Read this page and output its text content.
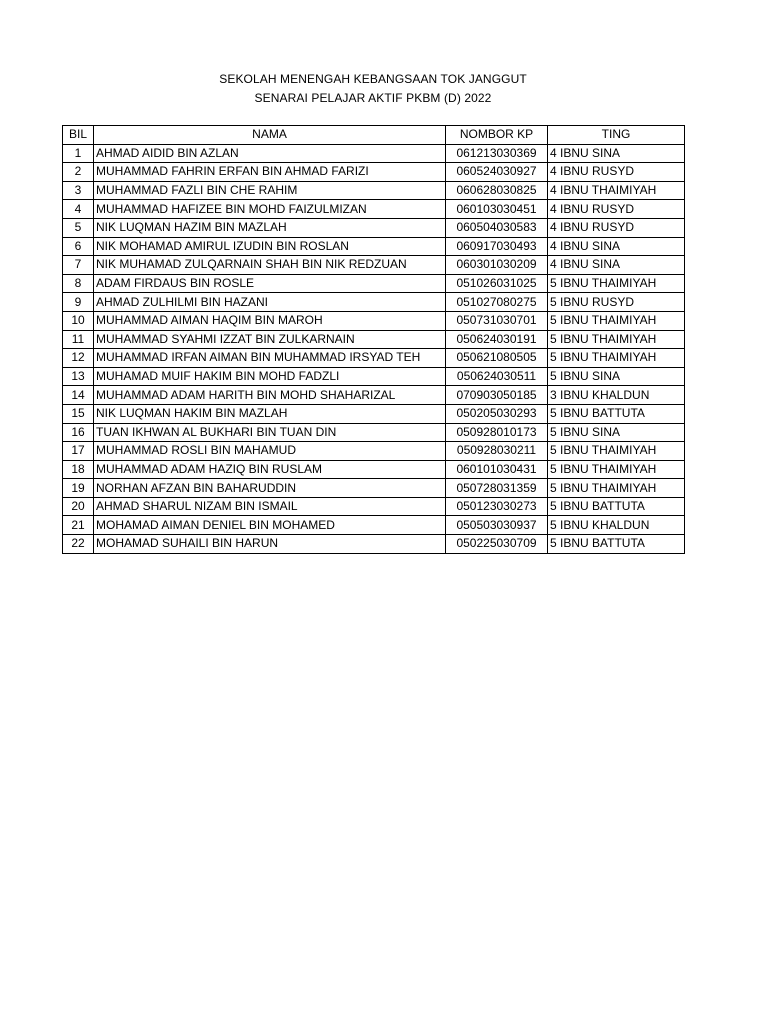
SEKOLAH MENENGAH KEBANGSAAN TOK JANGGUT
SENARAI PELAJAR AKTIF PKBM (D) 2022
BIL	NAMA	NOMBOR KP	TING
1	AHMAD AIDID BIN AZLAN	061213030369	4 IBNU SINA
2	MUHAMMAD FAHRIN ERFAN BIN AHMAD FARIZI	060524030927	4 IBNU RUSYD
3	MUHAMMAD FAZLI BIN CHE RAHIM	060628030825	4 IBNU THAIMIYAH
4	MUHAMMAD HAFIZEE BIN MOHD FAIZULMIZAN	060103030451	4 IBNU RUSYD
5	NIK LUQMAN HAZIM BIN MAZLAH	060504030583	4 IBNU RUSYD
6	NIK MOHAMAD AMIRUL IZUDIN BIN ROSLAN	060917030493	4 IBNU SINA
7	NIK MUHAMAD ZULQARNAIN SHAH BIN NIK REDZUAN	060301030209	4 IBNU SINA
8	ADAM FIRDAUS BIN ROSLE	051026031025	5 IBNU THAIMIYAH
9	AHMAD ZULHILMI BIN HAZANI	051027080275	5 IBNU RUSYD
10	MUHAMMAD AIMAN HAQIM BIN MAROH	050731030701	5 IBNU THAIMIYAH
11	MUHAMMAD SYAHMI IZZAT BIN ZULKARNAIN	050624030191	5 IBNU THAIMIYAH
12	MUHAMMAD IRFAN AIMAN BIN MUHAMMAD IRSYAD TEH	050621080505	5 IBNU THAIMIYAH
13	MUHAMAD MUIF HAKIM BIN MOHD FADZLI	050624030511	5 IBNU SINA
14	MUHAMMAD ADAM HARITH BIN MOHD SHAHARIZAL	070903050185	3 IBNU KHALDUN
15	NIK LUQMAN HAKIM BIN MAZLAH	050205030293	5 IBNU BATTUTA
16	TUAN IKHWAN AL BUKHARI BIN TUAN DIN	050928010173	5 IBNU SINA
17	MUHAMMAD ROSLI BIN MAHAMUD	050928030211	5 IBNU THAIMIYAH
18	MUHAMMAD ADAM HAZIQ BIN RUSLAM	060101030431	5 IBNU THAIMIYAH
19	NORHAN AFZAN BIN BAHARUDDIN	050728031359	5 IBNU THAIMIYAH
20	AHMAD SHARUL NIZAM BIN ISMAIL	050123030273	5 IBNU BATTUTA
21	MOHAMAD AIMAN DENIEL BIN MOHAMED	050503030937	5 IBNU KHALDUN
22	MOHAMAD SUHAILI BIN HARUN	050225030709	5 IBNU BATTUTA
